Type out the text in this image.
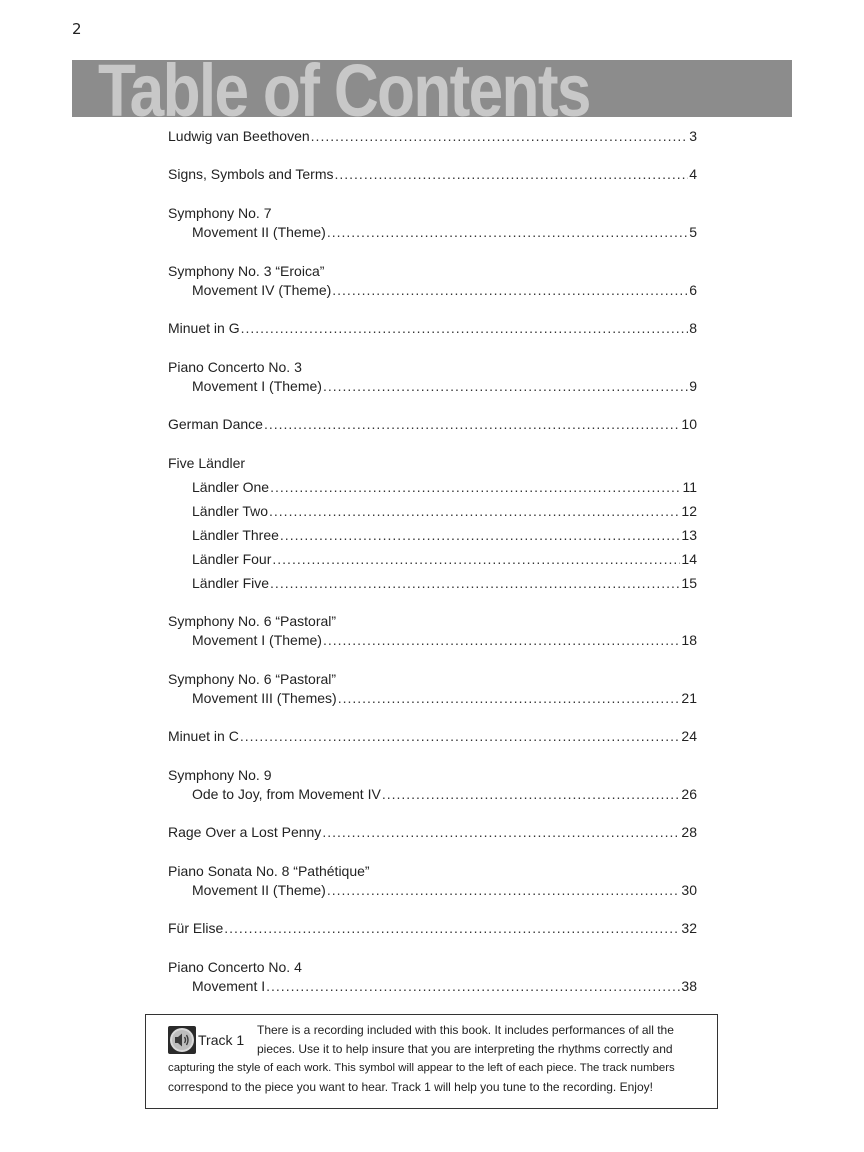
2
Table of Contents
Ludwig van Beethoven .....	3
Signs, Symbols and Terms .....	4
Symphony No. 7
Movement II (Theme) .....	5
Symphony No. 3 “Eroica”
Movement IV (Theme) .....	6
Minuet in G .....	8
Piano Concerto No. 3
Movement I (Theme) .....	9
German Dance .....	10
Five Ländler
Ländler One .....	11
Ländler Two .....	12
Ländler Three .....	13
Ländler Four .....	14
Ländler Five .....	15
Symphony No. 6 “Pastoral”
Movement I (Theme) .....	18
Symphony No. 6 “Pastoral”
Movement III (Themes) .....	21
Minuet in C .....	24
Symphony No. 9
Ode to Joy, from Movement IV .....	26
Rage Over a Lost Penny .....	28
Piano Sonata No. 8 “Pathétique”
Movement II (Theme) .....	30
Für Elise .....	32
Piano Concerto No. 4
Movement I .....	38
Track 1
There is a recording included with this book. It includes performances of all the
pieces. Use it to help insure that you are interpreting the rhythms correctly and
capturing the style of each work. This symbol will appear to the left of each piece. The track numbers
correspond to the piece you want to hear. Track 1 will help you tune to the recording. Enjoy!
